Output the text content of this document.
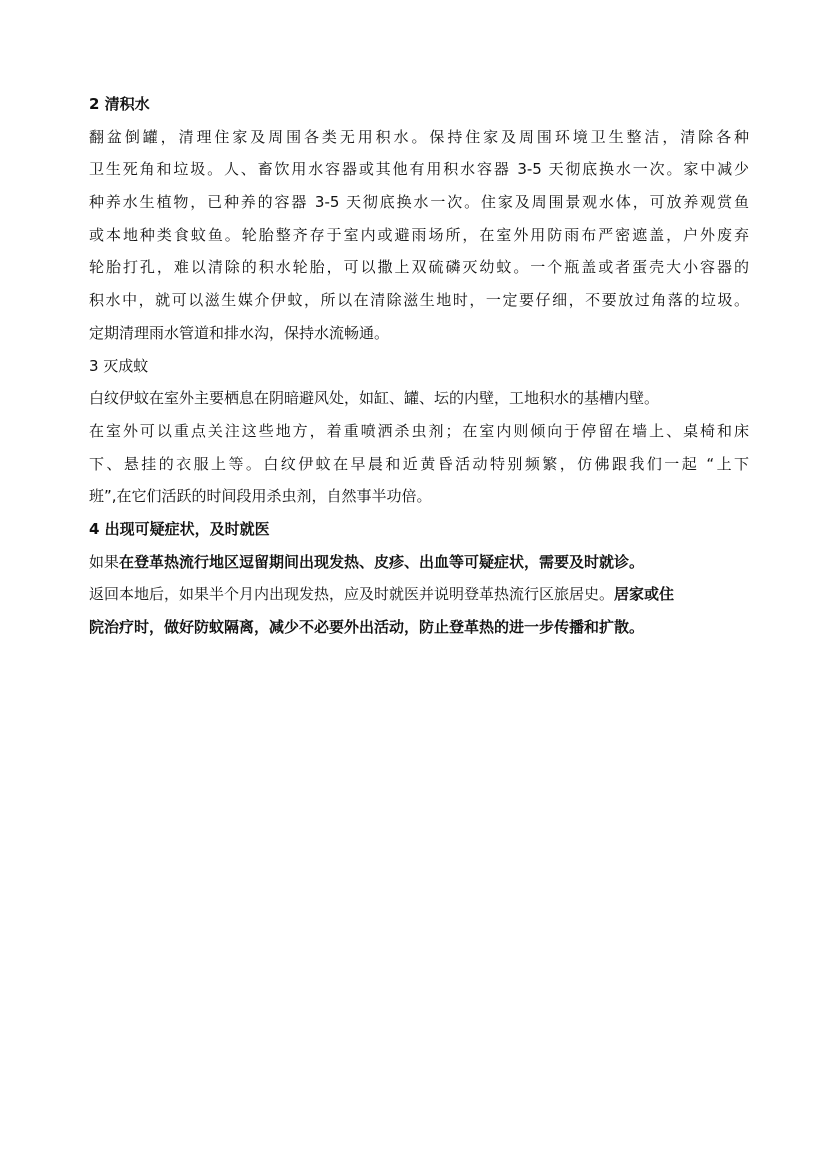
2 清积水
翻盆倒罐，清理住家及周围各类无用积水。保持住家及周围环境卫生整洁，清除各种
卫生死角和垃圾。人、畜饮用水容器或其他有用积水容器 3-5 天彻底换水一次。家中减少
种养水生植物，已种养的容器 3-5 天彻底换水一次。住家及周围景观水体，可放养观赏鱼
或本地种类食蚊鱼。轮胎整齐存于室内或避雨场所，在室外用防雨布严密遮盖，户外废弃
轮胎打孔，难以清除的积水轮胎，可以撒上双硫磷灭幼蚊。一个瓶盖或者蛋壳大小容器的
积水中，就可以滋生媒介伊蚊，所以在清除滋生地时，一定要仔细，不要放过角落的垃圾。
定期清理雨水管道和排水沟，保持水流畅通。
3 灭成蚊
白纹伊蚊在室外主要栖息在阴暗避风处，如缸、罐、坛的内壁，工地积水的基槽内壁。
在室外可以重点关注这些地方，着重喷洒杀虫剂；在室内则倾向于停留在墙上、桌椅和床
下、悬挂的衣服上等。白纹伊蚊在早晨和近黄昏活动特别频繁，仿佛跟我们一起 “上下
班”,在它们活跃的时间段用杀虫剂，自然事半功倍。
4 出现可疑症状，及时就医
如果在登革热流行地区逗留期间出现发热、皮疹、出血等可疑症状，需要及时就诊。
返回本地后，如果半个月内出现发热，应及时就医并说明登革热流行区旅居史。居家或住
院治疗时，做好防蚊隔离，减少不必要外出活动，防止登革热的进一步传播和扩散。
